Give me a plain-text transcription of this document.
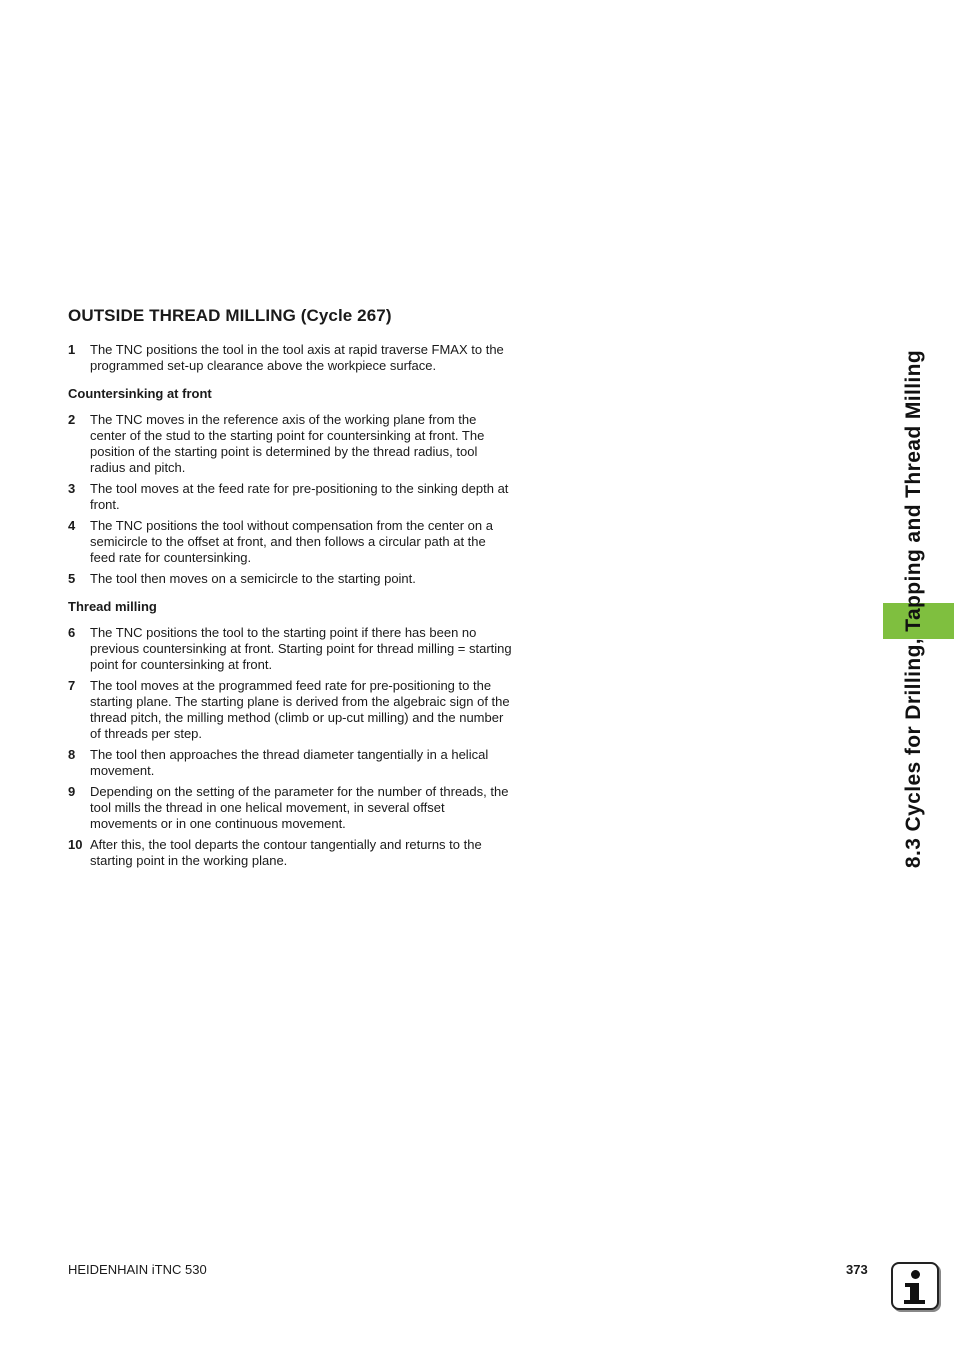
OUTSIDE THREAD MILLING (Cycle 267)
1 The TNC positions the tool in the tool axis at rapid traverse FMAX to the programmed set-up clearance above the workpiece surface.
Countersinking at front
2 The TNC moves in the reference axis of the working plane from the center of the stud to the starting point for countersinking at front. The position of the starting point is determined by the thread radius, tool radius and pitch.
3 The tool moves at the feed rate for pre-positioning to the sinking depth at front.
4 The TNC positions the tool without compensation from the center on a semicircle to the offset at front, and then follows a circular path at the feed rate for countersinking.
5 The tool then moves on a semicircle to the starting point.
Thread milling
6 The TNC positions the tool to the starting point if there has been no previous countersinking at front. Starting point for thread milling = starting point for countersinking at front.
7 The tool moves at the programmed feed rate for pre-positioning to the starting plane. The starting plane is derived from the algebraic sign of the thread pitch, the milling method (climb or up-cut milling) and the number of threads per step.
8 The tool then approaches the thread diameter tangentially in a helical movement.
9 Depending on the setting of the parameter for the number of threads, the tool mills the thread in one helical movement, in several offset movements or in one continuous movement.
10 After this, the tool departs the contour tangentially and returns to the starting point in the working plane.	8.3 Cycles for Drilling, Tapping and Thread Milling
HEIDENHAIN iTNC 530	373
